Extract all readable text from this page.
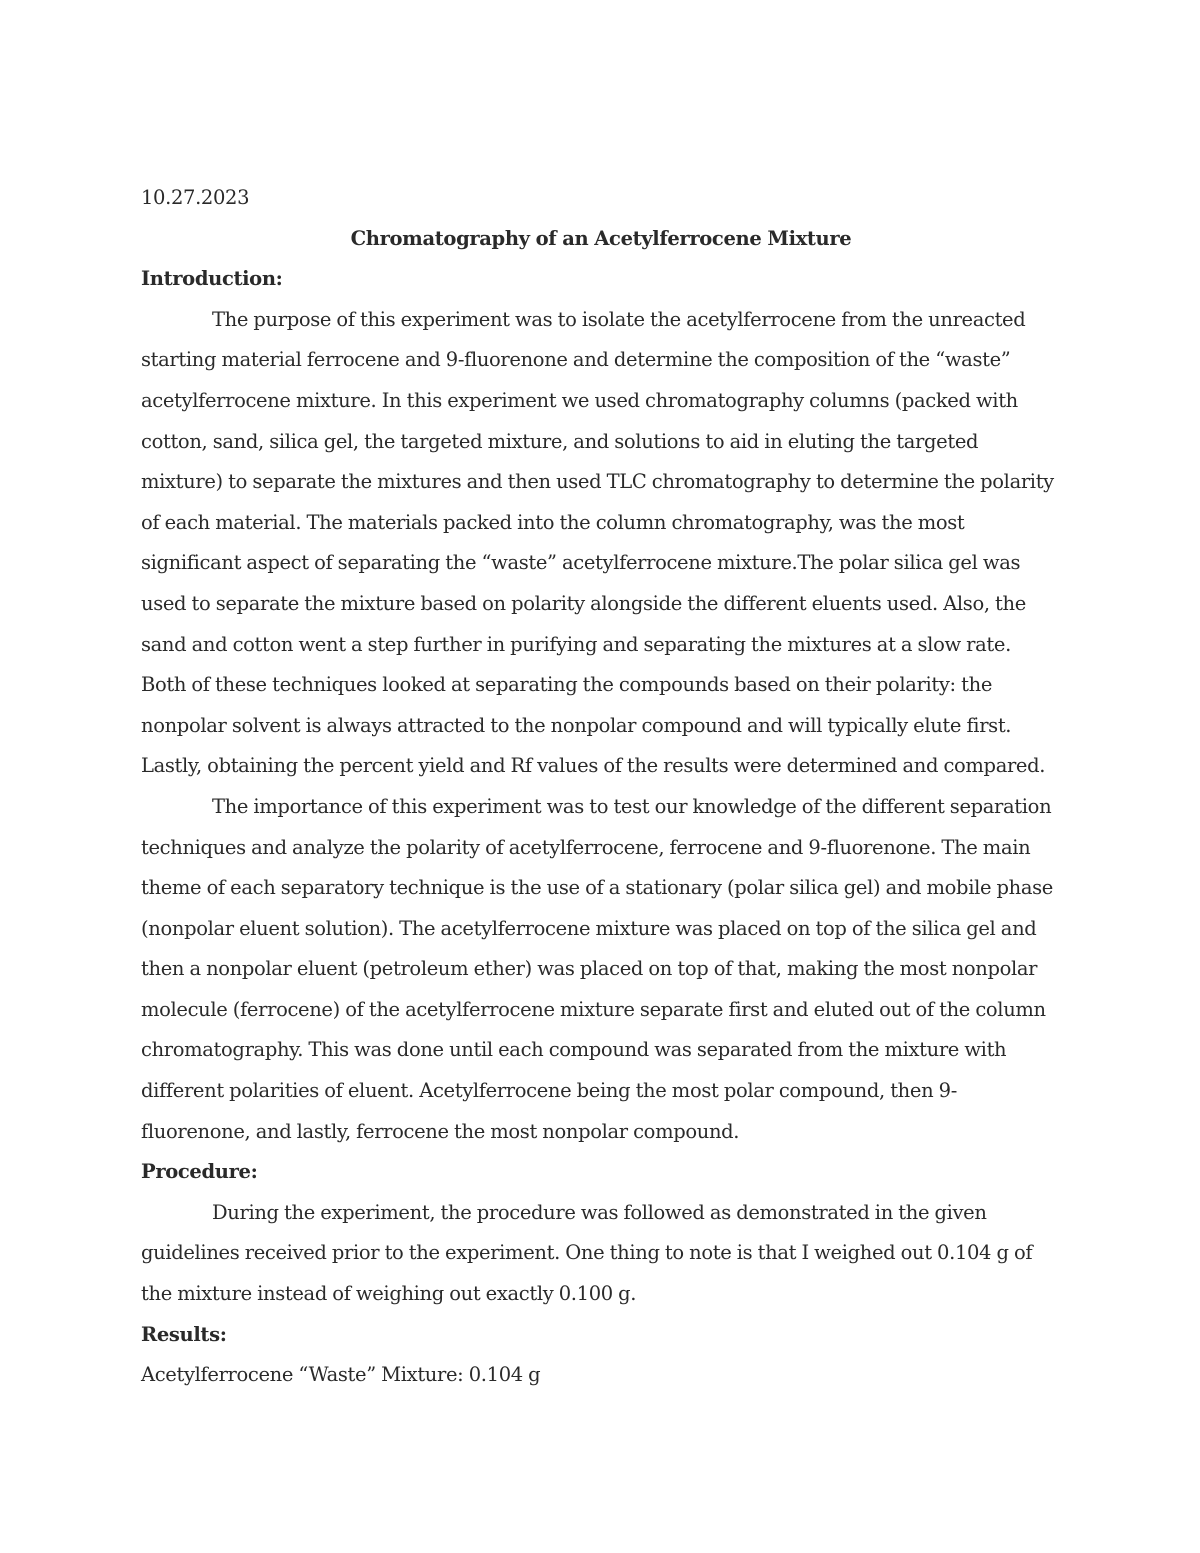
10.27.2023

Chromatography of an Acetylferrocene Mixture

Introduction:

The purpose of this experiment was to isolate the acetylferrocene from the unreacted starting material ferrocene and 9-fluorenone and determine the composition of the “waste” acetylferrocene mixture. In this experiment we used chromatography columns (packed with cotton, sand, silica gel, the targeted mixture, and solutions to aid in eluting the targeted mixture) to separate the mixtures and then used TLC chromatography to determine the polarity of each material. The materials packed into the column chromatography, was the most significant aspect of separating the “waste” acetylferrocene mixture.The polar silica gel was used to separate the mixture based on polarity alongside the different eluents used. Also, the sand and cotton went a step further in purifying and separating the mixtures at a slow rate. Both of these techniques looked at separating the compounds based on their polarity: the nonpolar solvent is always attracted to the nonpolar compound and will typically elute first. Lastly, obtaining the percent yield and Rf values of the results were determined and compared.

The importance of this experiment was to test our knowledge of the different separation techniques and analyze the polarity of acetylferrocene, ferrocene and 9-fluorenone. The main theme of each separatory technique is the use of a stationary (polar silica gel) and mobile phase (nonpolar eluent solution). The acetylferrocene mixture was placed on top of the silica gel and then a nonpolar eluent (petroleum ether) was placed on top of that, making the most nonpolar molecule (ferrocene) of the acetylferrocene mixture separate first and eluted out of the column chromatography. This was done until each compound was separated from the mixture with different polarities of eluent. Acetylferrocene being the most polar compound, then 9-fluorenone, and lastly, ferrocene the most nonpolar compound.

Procedure:

During the experiment, the procedure was followed as demonstrated in the given guidelines received prior to the experiment. One thing to note is that I weighed out 0.104 g of the mixture instead of weighing out exactly 0.100 g.

Results:

Acetylferrocene “Waste” Mixture: 0.104 g
